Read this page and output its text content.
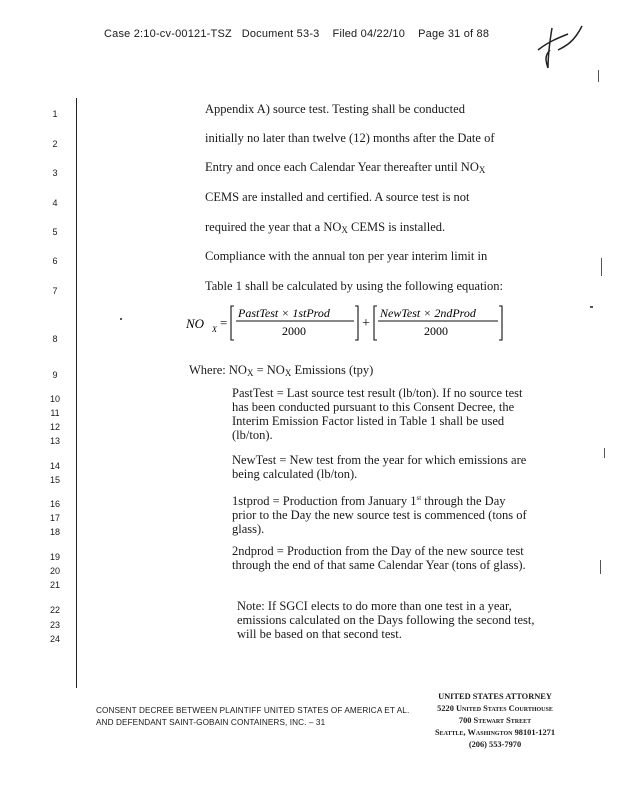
Case 2:10-cv-00121-TSZ Document 53-3 Filed 04/22/10 Page 31 of 88
1
2
3
4
5
6
7
8
9
10
11
12
13
14
15
16
17
18
19
20
21
22
23
24
Appendix A) source test. Testing shall be conducted
initially no later than twelve (12) months after the Date of
Entry and once each Calendar Year thereafter until $NO_X$
CEMS are installed and certified. A source test is not
required the year that a $NO_X$ CEMS is installed.
Compliance with the annual ton per year interim limit in
Table 1 shall be calculated by using the following equation:
NO X =
PastTest × 1stProd
2000	+
NewTest × 2ndProd
2000
Where: $NO_X = NO_X$ Emissions (tpy)

PastTest = Last source test result (lb/ton). If no source test has been conducted pursuant to this Consent Decree, the Interim Emission Factor listed in Table 1 shall be used (lb/ton).

NewTest = New test from the year for which emissions are being calculated (lb/ton).

1stprod = Production from January 1st through the Day prior to the Day the new source test is commenced (tons of glass).

2ndprod = Production from the Day of the new source test through the end of that same Calendar Year (tons of glass).

Note: If SGCI elects to do more than one test in a year, emissions calculated on the Days following the second test, will be based on that second test.

CONSENT DECREE BETWEEN PLAINTIFF UNITED STATES OF AMERICA ET AL.
AND DEFENDANT SAINT-GOBAIN CONTAINERS, INC. – 31
UNITED STATES ATTORNEY
5220 United States Courthouse
700 Stewart Street
Seattle, Washington 98101-1271
(206) 553-7970
